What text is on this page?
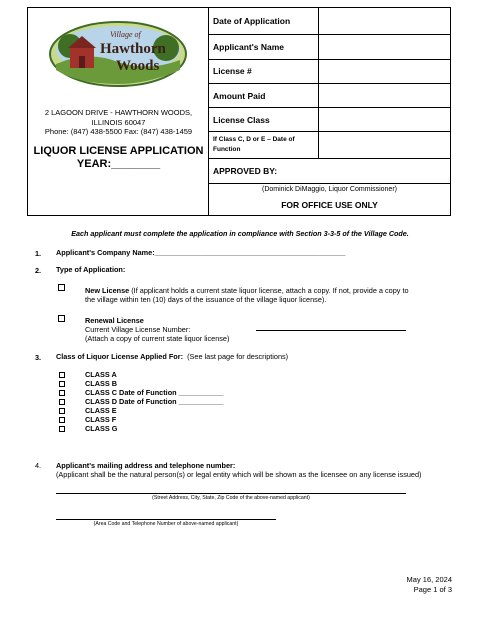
Village of
Hawthorn
Woods
2 LAGOON DRIVE - HAWTHORN WOODS,
ILLINOIS 60047
Phone: (847) 438-5500 Fax: (847) 438-1459
LIQUOR LICENSE APPLICATION
YEAR:________
Date of Application
Applicant's Name
License #
Amount Paid
License Class
If Class C, D or E – Date of Function
APPROVED BY:
(Dominick DiMaggio, Liquor Commissioner)
FOR OFFICE USE ONLY
Each applicant must complete the application in compliance with Section 3-3-5 of the Village Code.
1. Applicant's Company Name:_______________________________________________
2. Type of Application:
New License (If applicant holds a current state liquor license, attach a copy. If not, provide a copy to
the village within ten (10) days of the issuance of the village liquor license).
Renewal License
Current Village License Number:
(Attach a copy of current state liquor license)
3. Class of Liquor License Applied For: (See last page for descriptions)
CLASS A
CLASS B
CLASS C Date of Function ___________
CLASS D Date of Function ___________
CLASS E
CLASS F
CLASS G
4. Applicant's mailing address and telephone number:
(Applicant shall be the natural person(s) or legal entity which will be shown as the licensee on any license issued)
(Street Address, City, State, Zip Code of the above-named applicant)
(Area Code and Telephone Number of above-named applicant)
May 16, 2024
Page 1 of 3
